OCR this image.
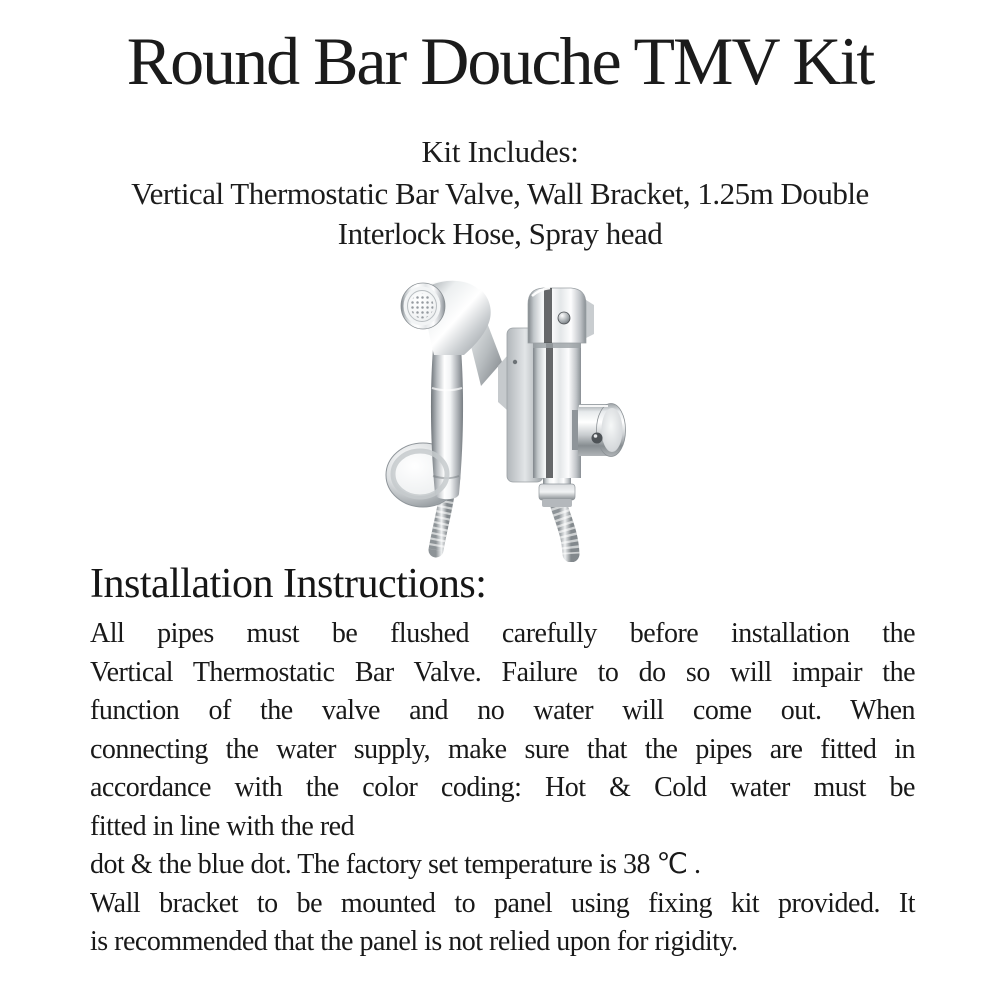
Round Bar Douche TMV Kit
Kit Includes:
Vertical Thermostatic Bar Valve, Wall Bracket, 1.25m Double
Interlock Hose, Spray head
Installation Instructions:
All pipes must be flushed carefully before installation the
Vertical Thermostatic Bar Valve. Failure to do so will impair the
function of the valve and no water will come out. When
connecting the water supply, make sure that the pipes are fitted in
accordance with the color coding: Hot & Cold water must be
fitted in line with the red
dot & the blue dot. The factory set temperature is 38 ℃ .
Wall bracket to be mounted to panel using fixing kit provided. It
is recommended that the panel is not relied upon for rigidity.
